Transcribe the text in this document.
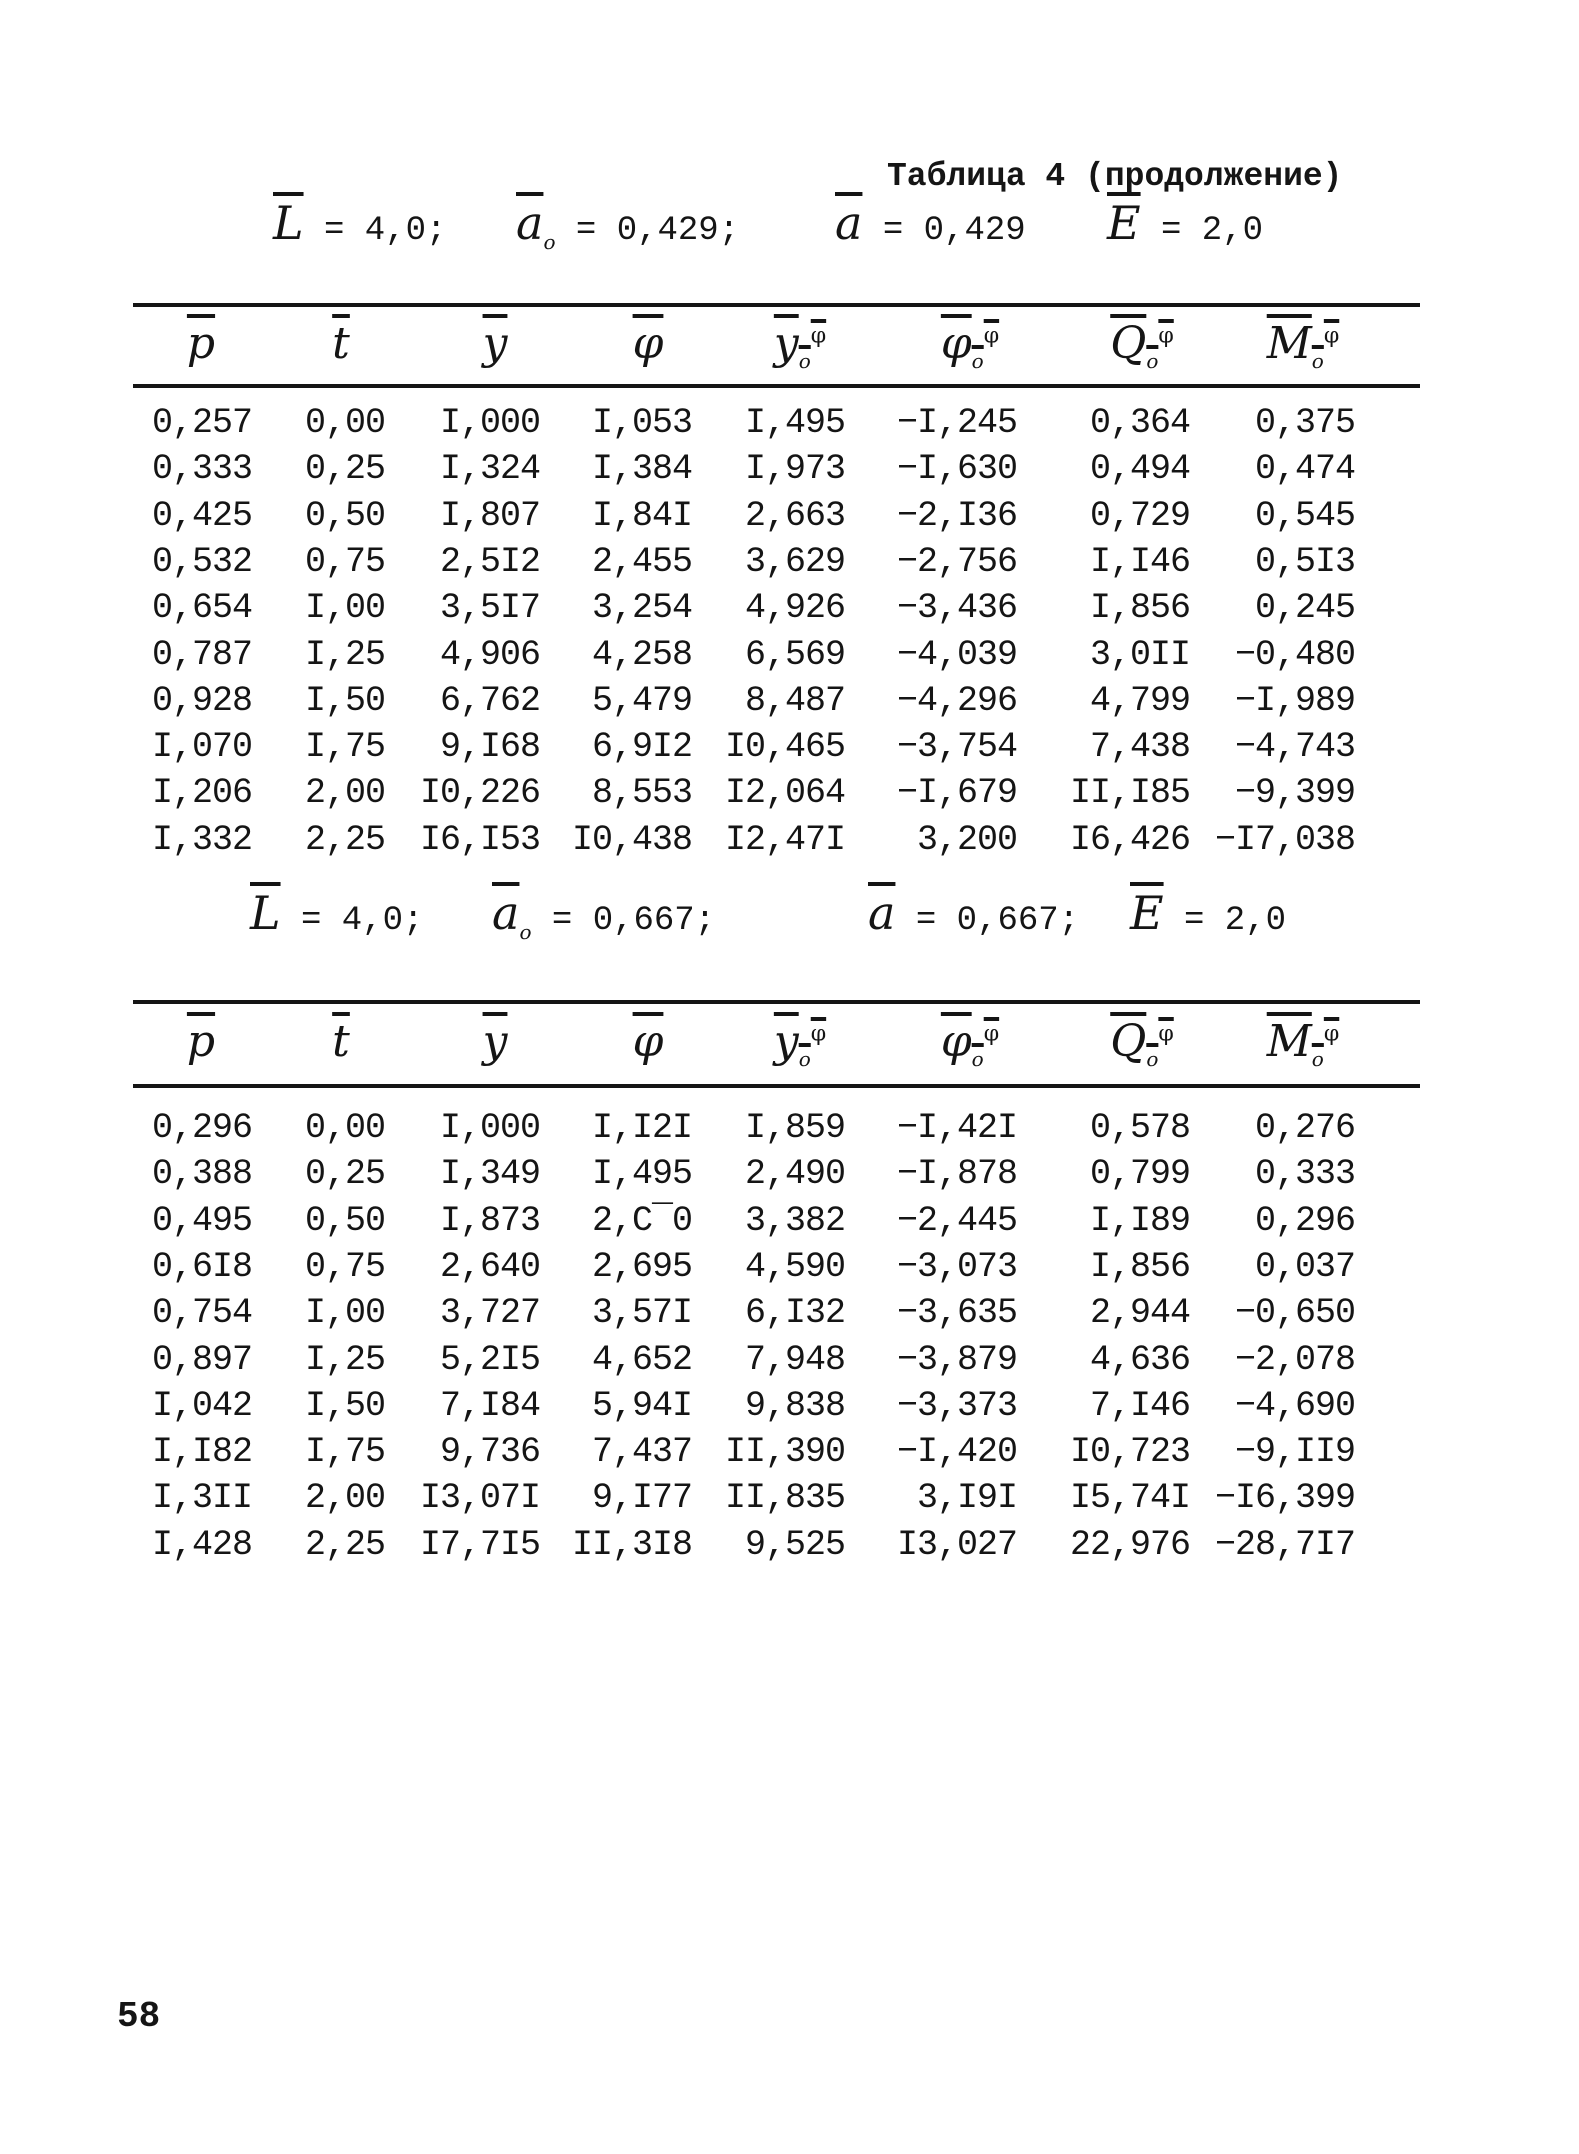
Таблица 4 (продолжение)
$\overline{L} = 4,0$; $\overline{a}_o = 0,429$; $\overline{a} = 0,429$ $\overline{E} = 2,0$
$\overline{p}$	$\overline{t}$	$\overline{y}$	$\overline{\varphi}$	$y_o^\varphi$	$\varphi_o^\varphi$	$Q_o^\varphi$	$M_o^\varphi$
0,257 0,00 I,000 I,053 I,495 −I,245 0,364 0,375
0,333 0,25 I,324 I,384 I,973 −I,630 0,494 0,474
0,425 0,50 I,807 I,84I 2,663 −2,I36 0,729 0,545
0,532 0,75 2,5I2 2,455 3,629 −2,756 I,I46 0,5I3
0,654 I,00 3,5I7 3,254 4,926 −3,436 I,856 0,245
0,787 I,25 4,906 4,258 6,569 −4,039 3,0II −0,480
0,928 I,50 6,762 5,479 8,487 −4,296 4,799 −I,989
I,070 I,75 9,I68 6,9I2 I0,465 −3,754 7,438 −4,743
I,206 2,00 I0,226 8,553 I2,064 −I,679 II,I85 −9,399
I,332 2,25 I6,I53 I0,438 I2,47I 3,200 I6,426 −I7,038
$\overline{L} = 4,0$; $\overline{a}_o = 0,667$;	$\overline{a} = 0,667$; $\overline{E} = 2,0$
$\overline{p}$	$\overline{t}$	$\overline{y}$	$\overline{\varphi}$	$y_o^\varphi$	$\varphi_o^\varphi$	$Q_o^\varphi$	$M_o^\varphi$
0,296 0,00 I,000 I,I2I I,859 −I,42I 0,578 0,276
0,388 0,25 I,349 I,495 2,490 −I,878 0,799 0,333
0,495 0,50 I,873 2,C¯0 3,382 −2,445 I,I89 0,296
0,6I8 0,75 2,640 2,695 4,590 −3,073 I,856 0,037
0,754 I,00 3,727 3,57I 6,I32 −3,635 2,944 −0,650
0,897 I,25 5,2I5 4,652 7,948 −3,879 4,636 −2,078
I,042 I,50 7,I84 5,94I 9,838 −3,373 7,I46 −4,690
I,I82 I,75 9,736 7,437 II,390 −I,420 I0,723 −9,II9
I,3II 2,00 I3,07I 9,I77 II,835 3,I9I I5,74I −I6,399
I,428 2,25 I7,7I5 II,3I8 9,525 I3,027 22,976 −28,7I7
58
